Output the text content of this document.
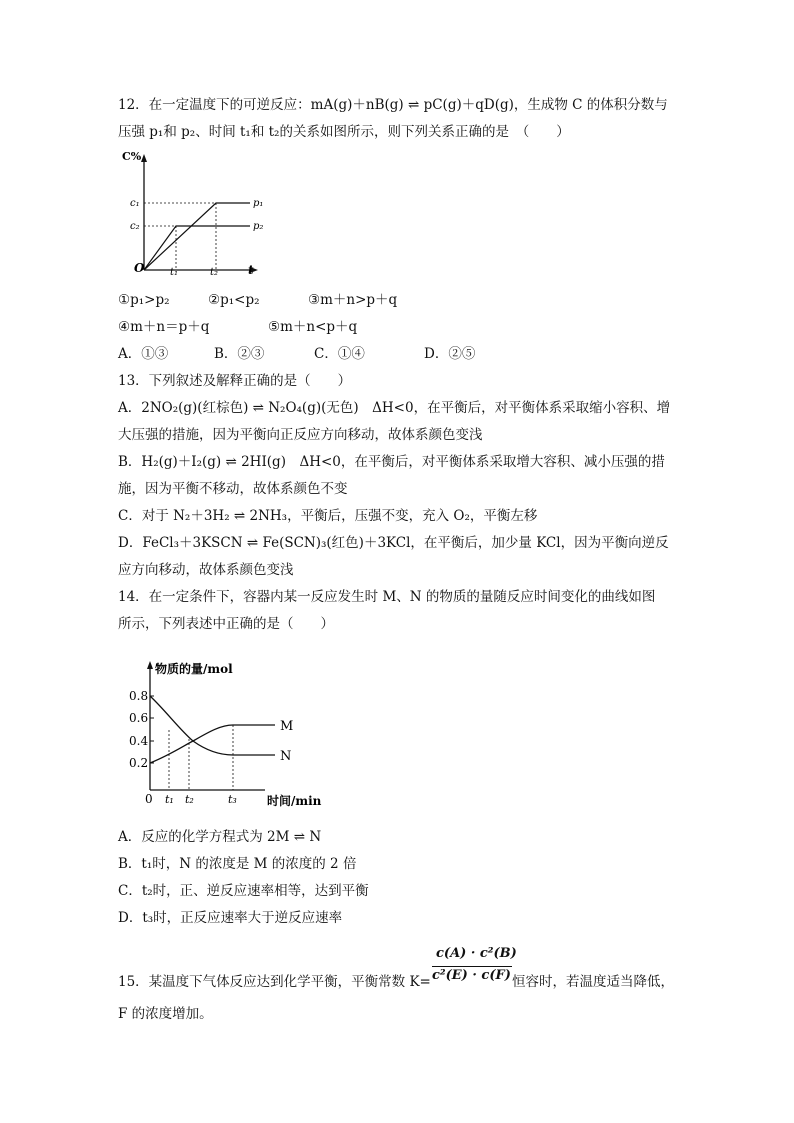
12．在一定温度下的可逆反应：mA(g)＋nB(g) ⇌ pC(g)＋qD(g)，生成物 C 的体积分数与
压强 p₁和 p₂、时间 t₁和 t₂的关系如图所示，则下列关系正确的是　（　　）
C%
c₁
c₂
O	t₁	t₂ t
p₁
p₂
①p₁>p₂	②p₁<p₂	③m＋n>p＋q
④m＋n＝p＋q	⑤m＋n<p＋q
A．①③	B．②③	C．①④	D．②⑤
13．下列叙述及解释正确的是（　　）
A．2NO₂(g)(红棕色) ⇌ N₂O₄(g)(无色)　ΔH<0，在平衡后，对平衡体系采取缩小容积、增
大压强的措施，因为平衡向正反应方向移动，故体系颜色变浅
B．H₂(g)＋I₂(g) ⇌ 2HI(g)　ΔH<0，在平衡后，对平衡体系采取增大容积、减小压强的措
施，因为平衡不移动，故体系颜色不变
C．对于 N₂＋3H₂ ⇌ 2NH₃，平衡后，压强不变，充入 O₂，平衡左移
D．FeCl₃＋3KSCN ⇌ Fe(SCN)₃(红色)＋3KCl，在平衡后，加少量 KCl，因为平衡向逆反
应方向移动，故体系颜色变浅
14．在一定条件下，容器内某一反应发生时 M、N 的物质的量随反应时间变化的曲线如图
所示，下列表述中正确的是（　　）
物质的量/mol
0.8
0.6
0.4
0.2
0 t₁ t₂	t₃	时间/min
M
N
A．反应的化学方程式为 2M ⇌ N
B．t₁时，N 的浓度是 M 的浓度的 2 倍
C．t₂时，正、逆反应速率相等，达到平衡
D．t₃时，正反应速率大于逆反应速率
c(A) · c²(B)
c²(E) · c(F)
15．某温度下气体反应达到化学平衡，平衡常数 K=	恒容时，若温度适当降低，
F 的浓度增加。
